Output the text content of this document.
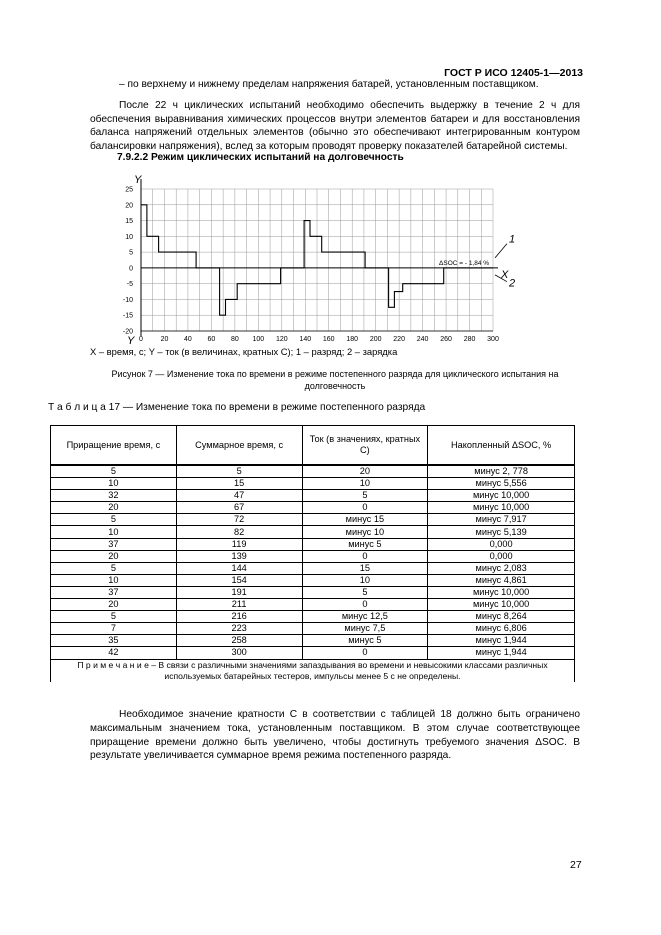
ГОСТ Р ИСО 12405-1—2013
– по верхнему и нижнему пределам напряжения батарей, установленным поставщиком.
После 22 ч циклических испытаний необходимо обеспечить выдержку в течение 2 ч для обеспечения выравнивания химических процессов внутри элементов батареи и для восстановления баланса напряжений отдельных элементов (обычно это обеспечивают интегрированным контуром балансировки напряжения), вслед за которым проводят проверку показателей батарейной системы.
7.9.2.2 Режим циклических испытаний на долговечность
0	20 40 60 80 100 120 140 160 180 200 220 240 260 280 300
25
20
15
10
5
0
-5
-10
-15
-20
Y
Y
X
ΔSOC = - 1,84 %
1
2
X – время, с; Y – ток (в величинах, кратных C); 1 – разряд; 2 – зарядка
Рисунок 7 — Изменение тока по времени в режиме постепенного разряда для циклического испытания на долговечность
Т а б л и ц а 17 — Изменение тока по времени в режиме постепенного разряда
Приращение время, с	Суммарное время, с	Ток (в значениях, кратных C)	Накопленный ΔSOC, %
5	5	20	минус 2, 778
10	15	10	минус 5,556
32	47	5	минус 10,000
20	67	0	минус 10,000
5	72	минус 15	минус 7,917
10	82	минус 10	минус 5,139
37	119	минус 5	0,000
20	139	0	0,000
5	144	15	минус 2,083
10	154	10	минус 4,861
37	191	5	минус 10,000
20	211	0	минус 10,000
5	216	минус 12,5	минус 8,264
7	223	минус 7,5	минус 6,806
35	258	минус 5	минус 1,944
42	300	0	минус 1,944
П р и м е ч а н и е – В связи с различными значениями запаздывания во времени и невысокими классами различных используемых батарейных тестеров, импульсы менее 5 с не определены.			
Необходимое значение кратности C в соответствии с таблицей 18 должно быть ограничено максимальным значением тока, установленным поставщиком. В этом случае соответствующее приращение времени должно быть увеличено, чтобы достигнуть требуемого значения ΔSOC. В результате увеличивается суммарное время режима постепенного разряда.
27
